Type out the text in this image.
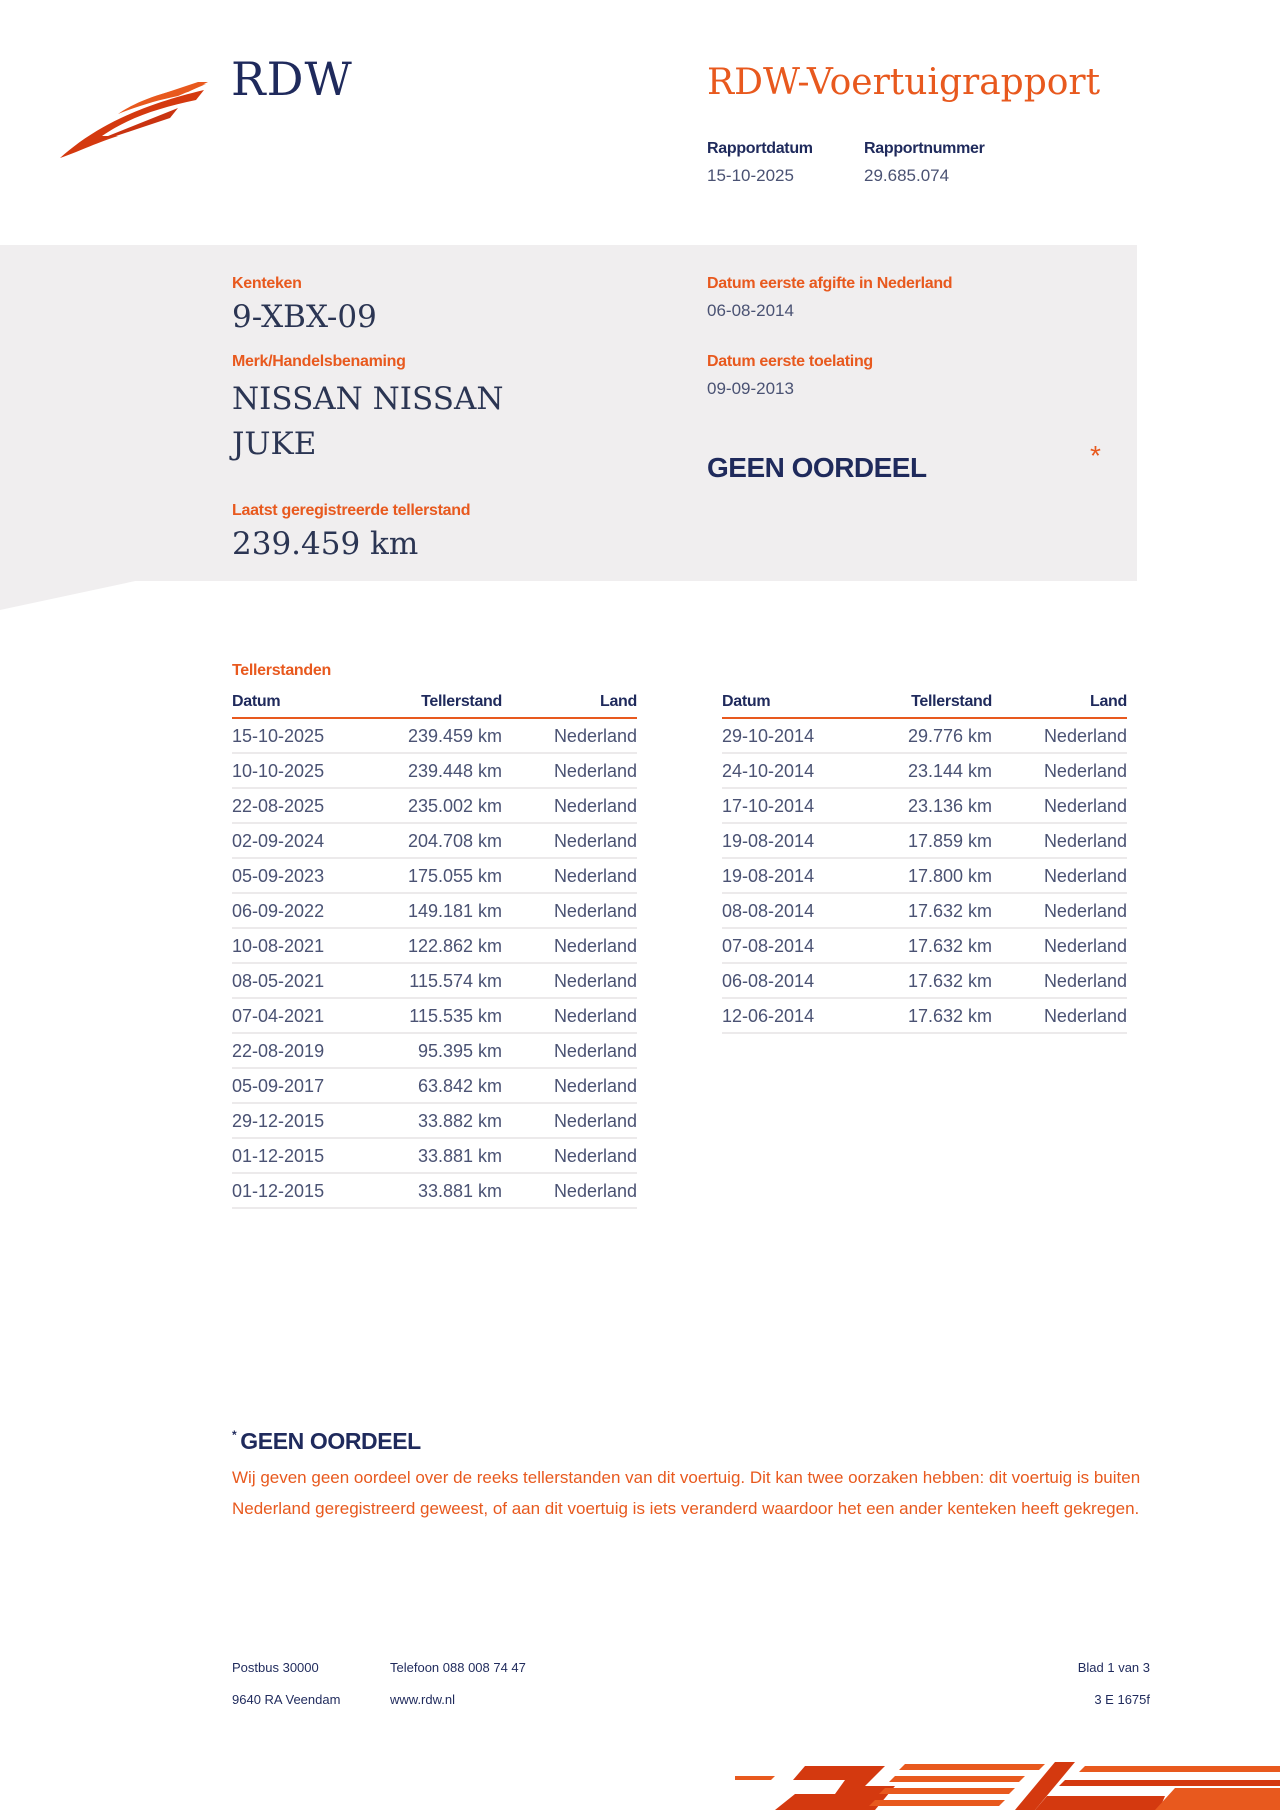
RDW	RDW-Voertuigrapport
Rapportdatum
15-10-2025
Rapportnummer
29.685.074
Kenteken
9-XBX-09
Merk/Handelsbenaming
NISSAN NISSAN
JUKE
Laatst geregistreerde tellerstand
239.459 km
Datum eerste afgifte in Nederland
06-08-2014
Datum eerste toelating
09-09-2013
GEEN OORDEEL	*
Tellerstanden
Datum	Tellerstand	Land
15-10-2025	239.459 km	Nederland
10-10-2025	239.448 km	Nederland
22-08-2025	235.002 km	Nederland
02-09-2024	204.708 km	Nederland
05-09-2023	175.055 km	Nederland
06-09-2022	149.181 km	Nederland
10-08-2021	122.862 km	Nederland
08-05-2021	115.574 km	Nederland
07-04-2021	115.535 km	Nederland
22-08-2019	95.395 km	Nederland
05-09-2017	63.842 km	Nederland
29-12-2015	33.882 km	Nederland
01-12-2015	33.881 km	Nederland
01-12-2015	33.881 km	Nederland
Datum	Tellerstand	Land
29-10-2014	29.776 km	Nederland
24-10-2014	23.144 km	Nederland
17-10-2014	23.136 km	Nederland
19-08-2014	17.859 km	Nederland
19-08-2014	17.800 km	Nederland
08-08-2014	17.632 km	Nederland
07-08-2014	17.632 km	Nederland
06-08-2014	17.632 km	Nederland
12-06-2014	17.632 km	Nederland
* GEEN OORDEEL
Wij geven geen oordeel over de reeks tellerstanden van dit voertuig. Dit kan twee oorzaken hebben: dit voertuig is buiten Nederland geregistreerd geweest, of aan dit voertuig is iets veranderd waardoor het een ander kenteken heeft gekregen.
Postbus 30000
9640 RA Veendam
Telefoon 088 008 74 47
www.rdw.nl
Blad 1 van 3
3 E 1675f
